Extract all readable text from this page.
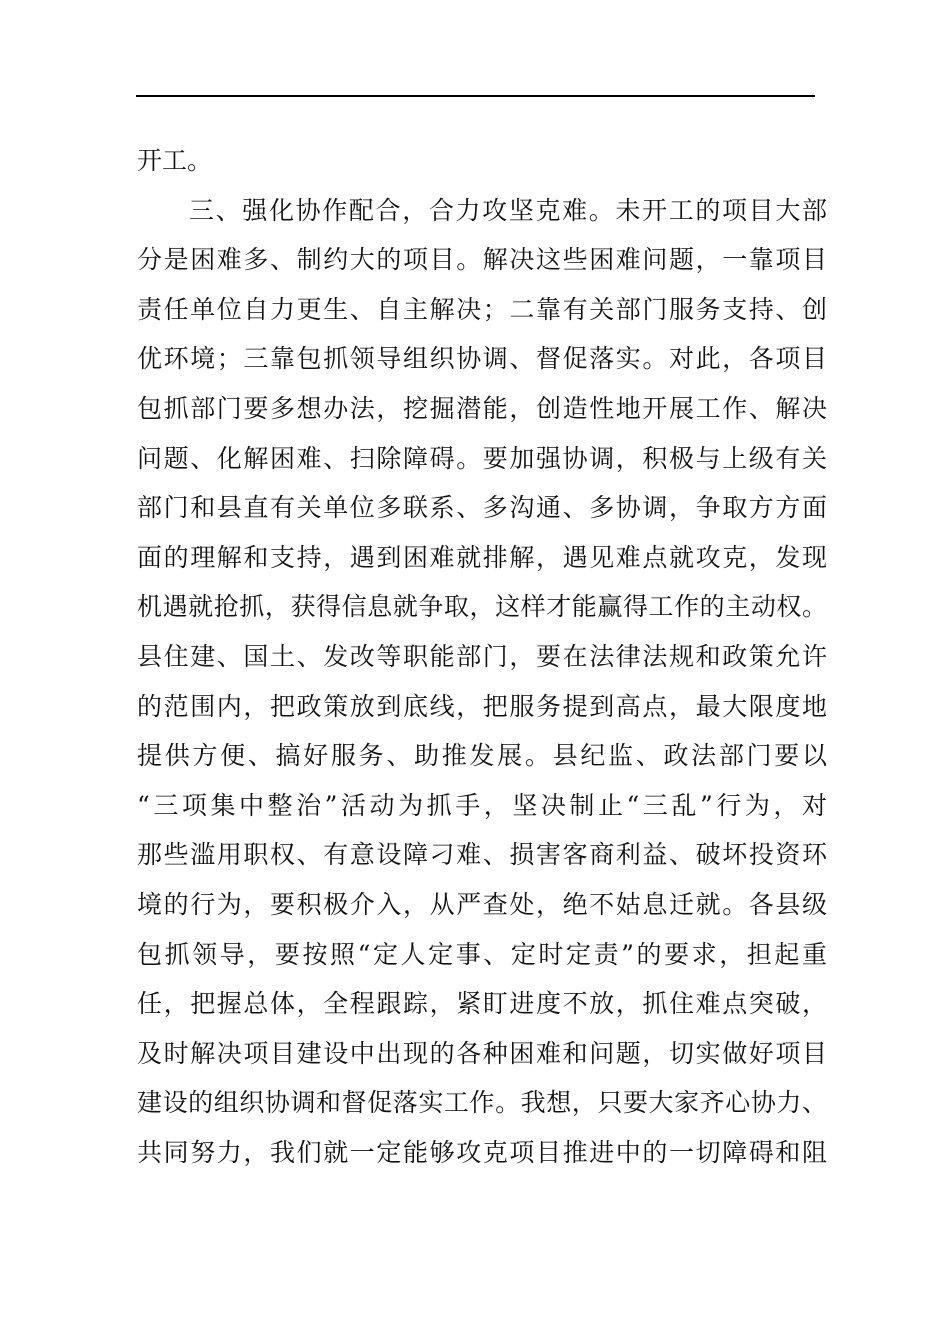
开工。
三、强化协作配合，合力攻坚克难。未开工的项目大部
分是困难多、制约大的项目。解决这些困难问题，一靠项目
责任单位自力更生、自主解决；二靠有关部门服务支持、创
优环境；三靠包抓领导组织协调、督促落实。对此，各项目
包抓部门要多想办法，挖掘潜能，创造性地开展工作、解决
问题、化解困难、扫除障碍。要加强协调，积极与上级有关
部门和县直有关单位多联系、多沟通、多协调，争取方方面
面的理解和支持，遇到困难就排解，遇见难点就攻克，发现
机遇就抢抓，获得信息就争取，这样才能赢得工作的主动权。
县住建、国土、发改等职能部门，要在法律法规和政策允许
的范围内，把政策放到底线，把服务提到高点，最大限度地
提供方便、搞好服务、助推发展。县纪监、政法部门要以
“三项集中整治”活动为抓手，坚决制止“三乱”行为，对
那些滥用职权、有意设障刁难、损害客商利益、破坏投资环
境的行为，要积极介入，从严查处，绝不姑息迁就。各县级
包抓领导，要按照“定人定事、定时定责”的要求，担起重
任，把握总体，全程跟踪，紧盯进度不放，抓住难点突破，
及时解决项目建设中出现的各种困难和问题，切实做好项目
建设的组织协调和督促落实工作。我想，只要大家齐心协力、
共同努力，我们就一定能够攻克项目推进中的一切障碍和阻
